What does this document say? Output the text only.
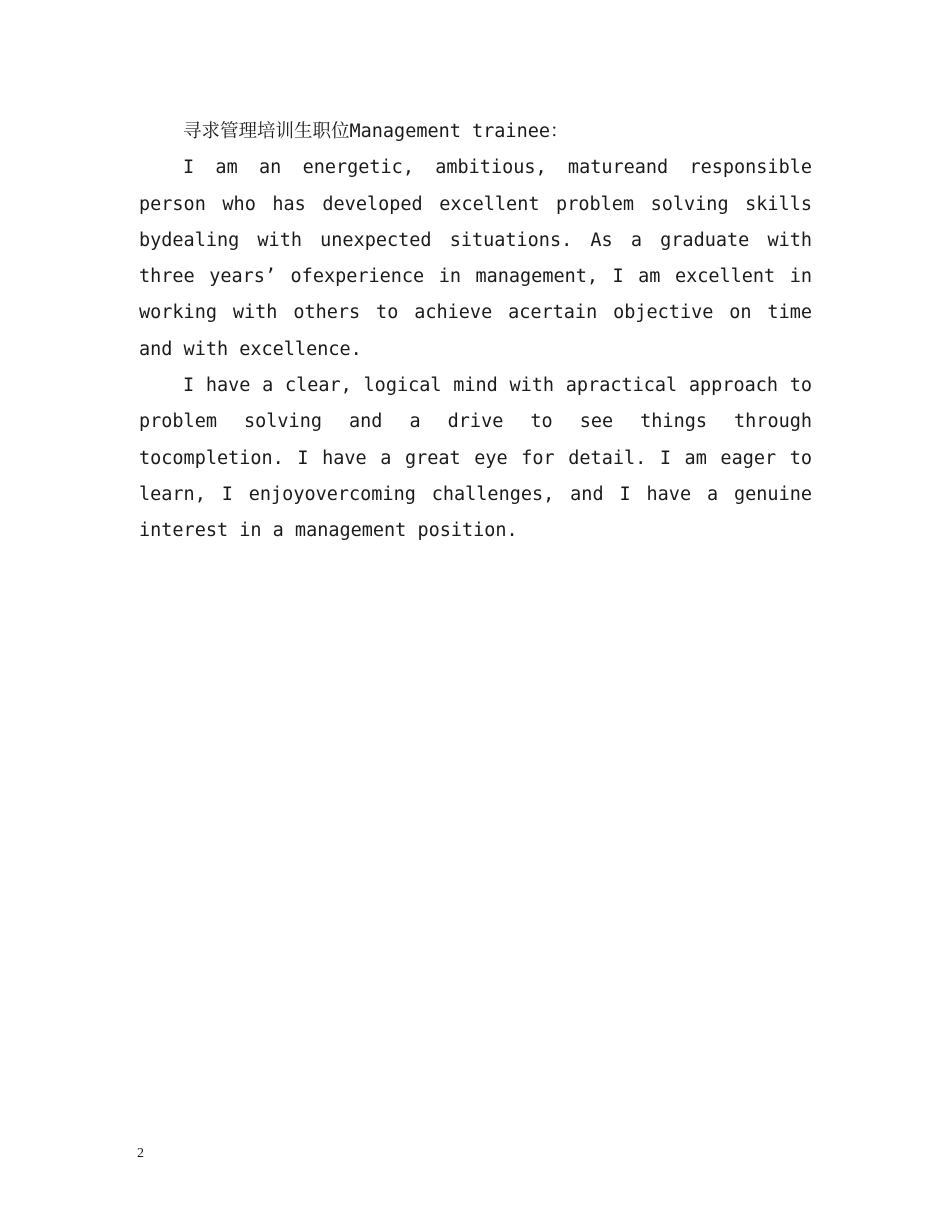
寻求管理培训生职位Management trainee：

I am an energetic, ambitious, matureand responsible person who has developed excellent problem solving skills bydealing with unexpected situations. As a graduate with three years’ ofexperience in management, I am excellent in working with others to achieve acertain objective on time and with excellence.

I have a clear, logical mind with apractical approach to problem solving and a drive to see things through tocompletion. I have a great eye for detail. I am eager to learn, I enjoyovercoming challenges, and I have a genuine interest in a management position.

2
